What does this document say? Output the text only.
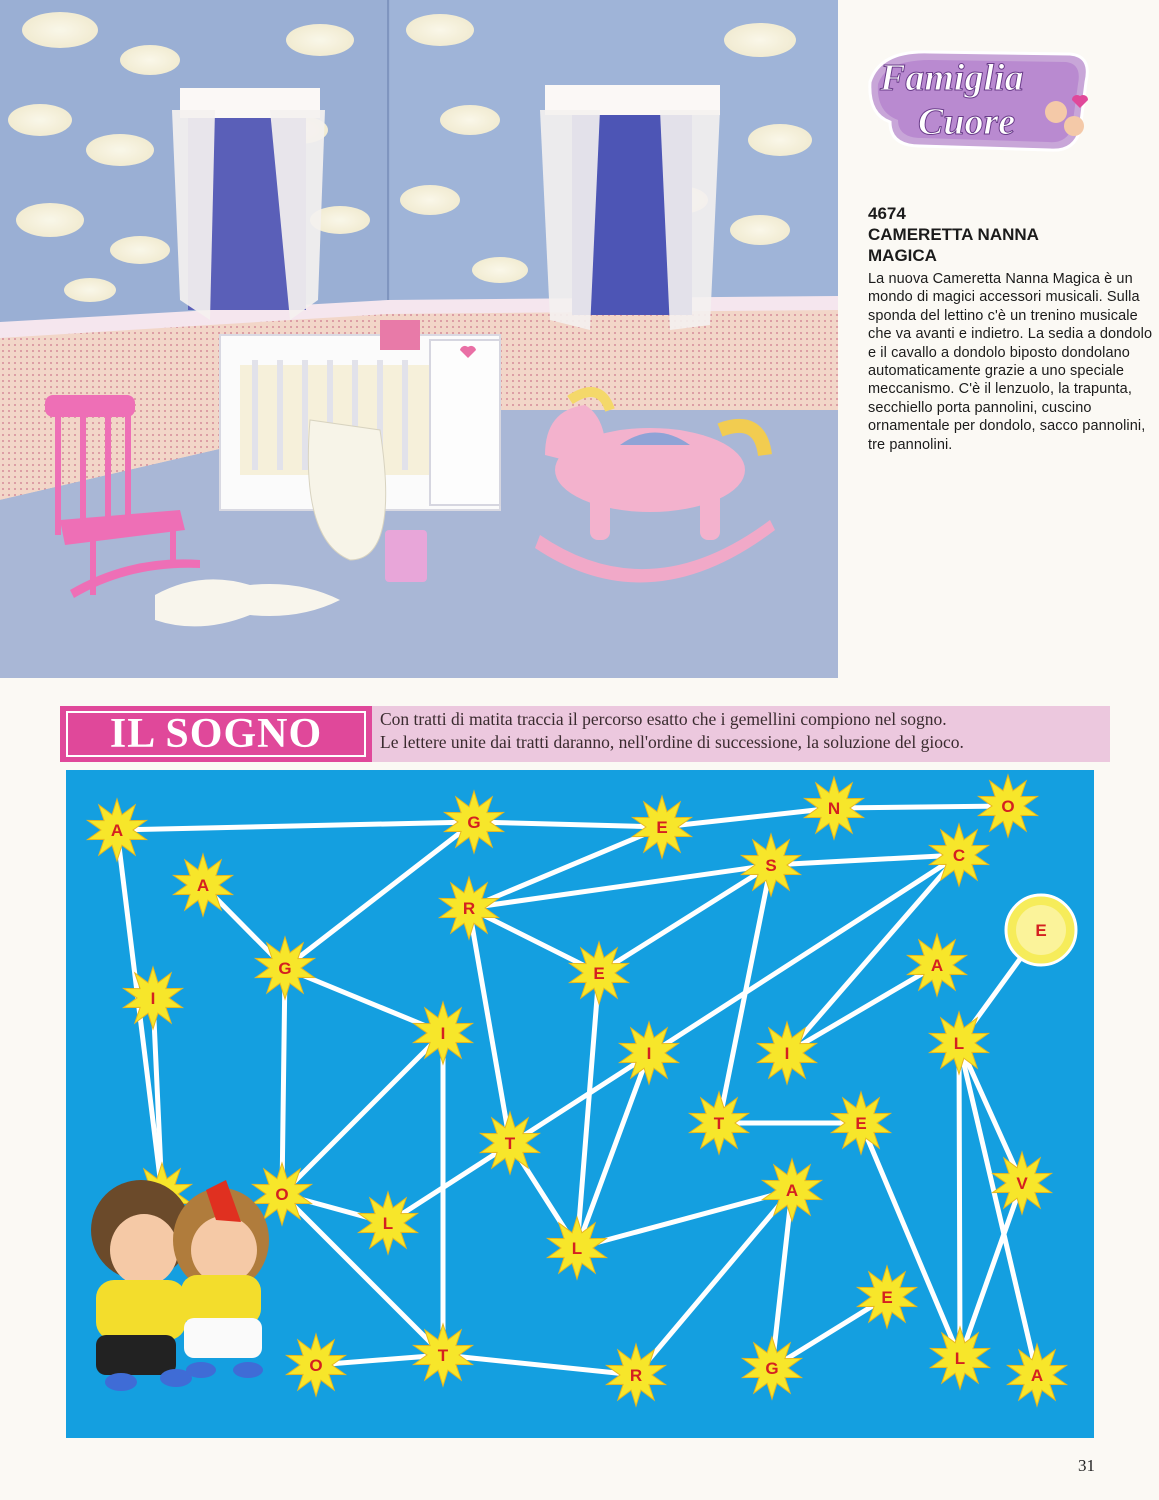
Famiglia
Cuore
4674
CAMERETTA NANNA MAGICA
La nuova Cameretta Nanna Magica è un mondo di magici accessori musicali. Sulla sponda del lettino c'è un trenino musicale che va avanti e indietro. La sedia a dondolo e il cavallo a dondolo biposto dondolano automaticamente grazie a uno speciale meccanismo. C'è il lenzuolo, la trapunta, secchiello porta pannolini, cuscino ornamentale per dondolo, sacco pannolini, tre pannolini.
IL SOGNO	Con tratti di matita traccia il percorso esatto che i gemellini compiono nel sogno.
Le lettere unite dai tratti daranno, nell'ordine di successione, la soluzione del gioco.
A	G	E
N	O
A
S
C
R
E
G	E	A
I
I
I
L
I
T
T
E
O
V
L
A
L
E
O
T
R	G
L
A
31
